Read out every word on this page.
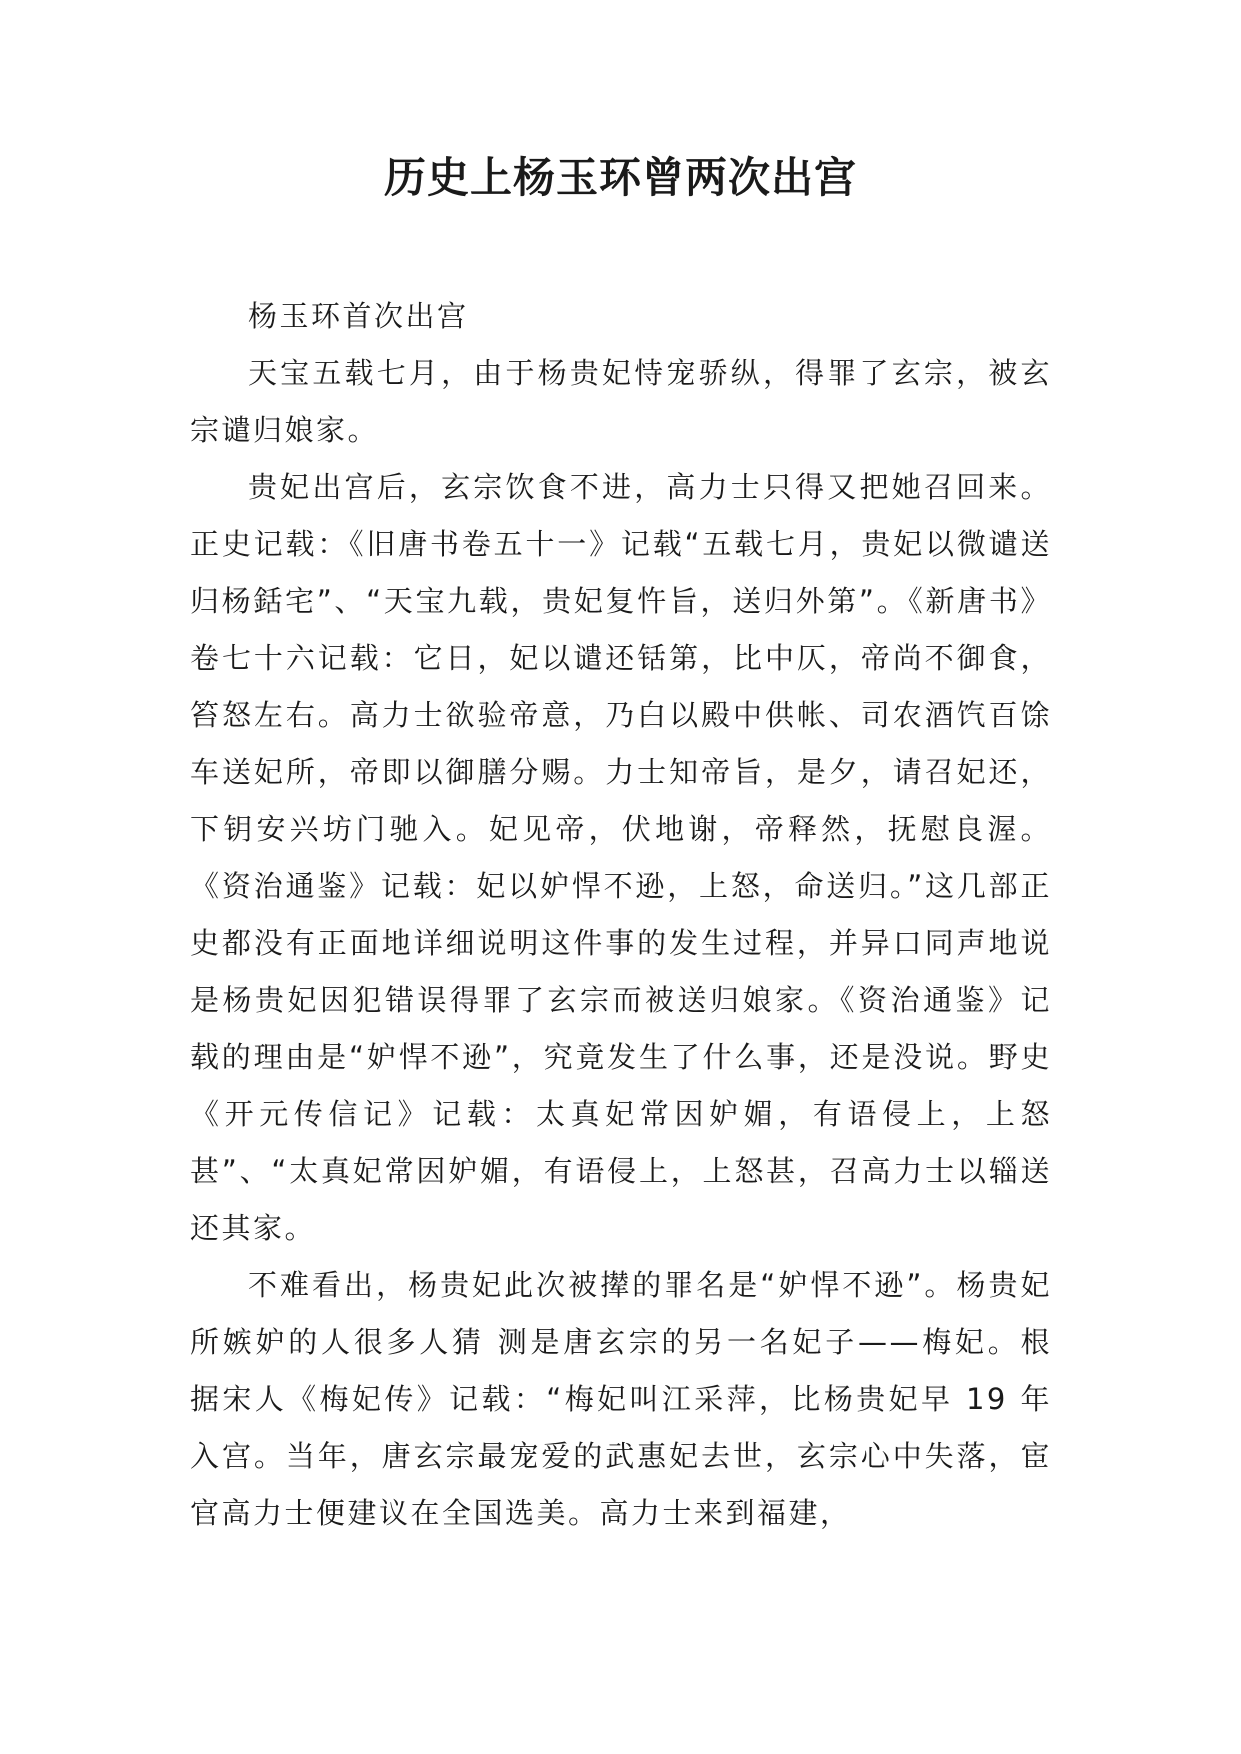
历史上杨玉环曾两次出宫

杨玉环首次出宫

天宝五载七月，由于杨贵妃恃宠骄纵，得罪了玄宗，被玄宗谴归娘家。

贵妃出宫后，玄宗饮食不进，高力士只得又把她召回来。正史记载：《旧唐书卷五十一》记载“五载七月，贵妃以微谴送归杨銛宅”、“天宝九载，贵妃复忤旨，送归外第”。《新唐书》卷七十六记载：它日，妃以谴还铦第，比中仄，帝尚不御食，笞怒左右。高力士欲验帝意，乃白以殿中供帐、司农酒饩百馀车送妃所，帝即以御膳分赐。力士知帝旨，是夕，请召妃还，下钥安兴坊门驰入。妃见帝，伏地谢，帝释然，抚慰良渥。《资治通鉴》记载：妃以妒悍不逊，上怒，命送归。”这几部正史都没有正面地详细说明这件事的发生过程，并异口同声地说是杨贵妃因犯错误得罪了玄宗而被送归娘家。《资治通鉴》记载的理由是“妒悍不逊”，究竟发生了什么事，还是没说。野史《开元传信记》记载：太真妃常因妒媚，有语侵上，上怒甚”、“太真妃常因妒媚，有语侵上，上怒甚，召高力士以辎送还其家。

不难看出，杨贵妃此次被撵的罪名是“妒悍不逊”。杨贵妃所嫉妒的人很多人猜 测是唐玄宗的另一名妃子——梅妃。根据宋人《梅妃传》记载：“梅妃叫江采萍，比杨贵妃早 19 年入宫。当年，唐玄宗最宠爱的武惠妃去世，玄宗心中失落，宦官高力士便建议在全国选美。高力士来到福建，
